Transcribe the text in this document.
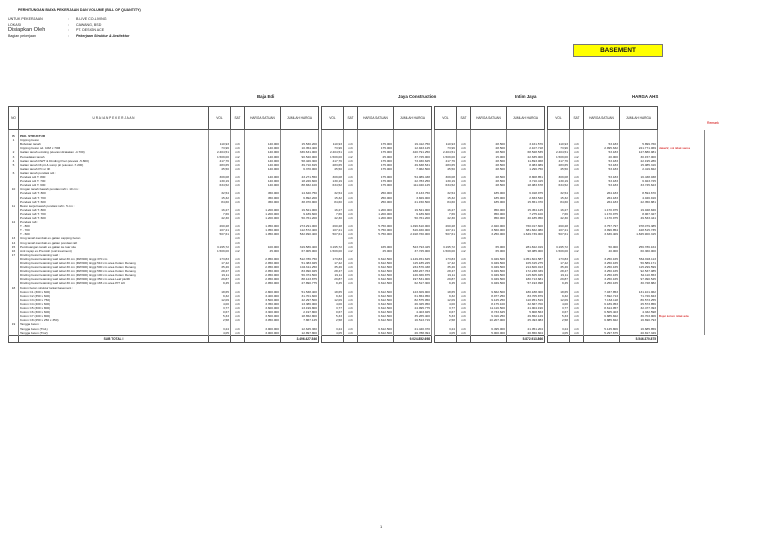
PERHITUNGAN BIAYA PEKERJAAN DAN VOLUME (BILL OF QUANTITY)
UNTUK PEKERJAAN	:	B.LIVE CO-LIVING
LOKASI	:	CAWANG, BSD
Disiapkan Oleh	:	PT. DESIGN ACE
Bagian pekerjaan	:	Pekerjaan Struktur & Arsitektur
BASEMENT
Baja Edi	Jaya Construction	Intim Jaya	HARGA AHS
Remark
NO	U R A I A N P E K E R J A A N	VOL	SAT	HARGA SATUAN	JUMLAH HARGA		VOL	SAT	HARGA SATUAN	JUMLAH HARGA		VOL	SAT	HARGA SATUAN	JUMLAH HARGA		VOL	SAT	HARGA SATUAN	JUMLAH HARGA	

B	PEK. STRUKTUR																				
1	Cipping beton																				
	Bobokan tanah	110,93	m3	140.000	15.530.200		110,93	m3	175.000	19.412.750		110,93	m3	28.500	3.161.576		110,93	m3	53.183	5.899.760	
	Cipping beton sd. 10M x 70M	73,96	m3	140.000	10.354.400		73,96	m3	175.000	12.943.125		73,96	m3	28.500	2.107.718		73,96	m3	2.995.632	221.771.069	data22, vol tidak sama
2	Galian tanah existing (elevasi diratakan -4.700)	2.404,51	m3	140.000	336.631.000		2.404,51	m3	175.000	420.791.250		2.404,51	m3	28.500	68.528.535		2.404,51	m3	53.183	127.880.981	
3	Pemadatan tanah	1.509,00	m2	140.000	90.540.000		1.509,00	m2	25.000	37.725.000		1.509,00	m2	15.000	22.635.000		1.509,00	m2	20.000	30.157.000	
4	Galian tanah DWT & Dinding Pool (elevasi -5.800)	417,76	m3	140.000	58.426.300		417,76	m3	175.000	73.030.625		417,76	m3	28.500	11.893.068		417,76	m3	53.183	22.195.286	
5	Galian tanah lift pit & sump pit (elevasi -7.200)	283,65	m3	140.000	39.710.815		283,65	m3	175.000	49.638.531		283,65	m3	28.500	8.083.989		283,65	m3	53.183	15.085.316	
	Galian tanah PC u/ lift	45,50	m3	140.000	6.370.000		45,50	m3	175.000	7.962.500		45,50	m3	28.500	1.296.750		45,50	m3	53.183	2.419.822	
6	Galian tanah pondasi sdt :																				
	Pondasi sdt T. 800	309,08	m3	140.000	43.271.550		309,08	m3	175.000	54.089.438		309,08	m3	28.500	8.808.851		309,08	m3	53.183	16.438.038	
	Pondasi sdt T. 700	130,19	m3	140.000	18.226.600		130,19	m3	175.000	22.783.250		130,19	m3	28.500	3.710.415		130,19	m3	53.183	6.923.725	
	Pondasi sdt T. 600	634,52	m3	140.000	88.832.100		634,52	m3	175.000	111.040.125		634,52	m3	28.500	18.083.678		634,52	m3	53.183	33.745.623	
10	Urugan tanah bawah pondasi raft t. 10 cm :																				
	Pondasi raft T. 800	32,54	m3	450.000	14.640.750		32,54	m3	250.000	8.133.750		32,54	m3	185.000	6.018.975		32,54	m3	264.183	8.594.670	
	Pondasi raft T. 700	15,32	m3	450.000	6.892.200		15,32	m3	250.000	3.829.000		15,32	m3	185.000	2.833.540		15,32	m3	264.183	4.046.916	
	Pondasi raft T. 600	84,60	m3	450.000	38.070.900		84,60	m3	250.000	21.150.500		84,60	m3	185.000	15.651.370		84,60	m3	264.183	22.350.881	
11	Beton kerja bawah pondasi raft t. 5 cm :																				
	Pondasi raft T. 800	16,27	m3	1.200.000	19.521.000		16,27	m3	1.200.000	19.521.000		16,27	m3	950.000	15.454.125		16,27	m3	1.170.975	19.048.846	
	Pondasi raft T. 700	7,66	m3	1.200.000	9.189.600		7,66	m3	1.200.000	9.189.600		7,66	m3	950.000	7.275.100		7,66	m3	1.170.975	8.967.327	
	Pondasi raft T. 600	42,30	m3	1.200.000	50.761.200		42,30	m3	1.200.000	50.761.200		42,30	m3	950.000	40.185.950		42,30	m3	1.170.975	49.533.441	
12	Pondasi raft :																				
	T - 800	260,28	m3	1.050.000	273.291.000		260,28	m3	5.750.000	1.496.610.000		260,28	m3	2.920.000	760.017.600		260,28	m3	3.757.797	978.079.385	
	T - 700	107,21	m3	1.050.000	112.572.400		107,21	m3	5.750.000	616.460.000		107,21	m3	3.560.000	381.662.080		107,21	m3	3.996.854	428.515.735	
	T - 600	507,61	m3	1.050.000	532.990.400		507,61	m3	5.750.000	2.918.760.000		507,61	m3	3.250.000	1.649.739.000		507,61	m3	3.636.409	1.845.900.315	
13	Urug tanah kembali ex.galian capping beton		m3					m3					m3								
14	Urug tanah kembali ex.galian pondasi raft		m3					m3					m3								
15	Pembuangan tanah ex.galian ke luar site	3.195,72	m3	100.000	319.586.400		3.195,72	m3	165.000	523.793.425		3.195,72	m3	65.000	281.822.019		3.195,72	m3	50.000	256.786.164	
16	Anti rayap ex.Premish (soil treatment)	1.509,00	m2	45.000	67.905.000		1.509,00	m2	25.000	37.725.000		1.509,00	m2	65.000	98.085.000		1.509,00	m2	40.000	60.360.000	
17	Dinding beton/retaining wall :																				
	Dinding beton/retaining wall tebal 30 cm (RW300) tinggi 370 cm	173,83	m3	2.950.000	512.786.750		173,83	m3	6.612.500	1.149.451.625		173,83	m3	6.049.500	1.051.604.587		173,83	m3	3.250.165	564.993.113	
	Dinding beton/retaining wall tebal 30 cm (RW300) tinggi 510 cm area Kolam Renang	17,42	m3	2.950.000	51.383.925		17,42	m3	6.612.500	115.185.225		17,42	m3	6.049.500	105.315.275		17,42	m3	3.250.165	56.589.171	
	Dinding beton/retaining wall tebal 30 cm (RW300) tinggi 500 cm area Kolam Renang	35,46	m3	2.950.000	104.611.250		35,46	m3	6.612.500	234.576.438		35,46	m3	6.049.500	214.606.013		35,46	m3	3.250.165	115.299.599	
	Dinding beton/retaining wall tebal 30 cm (RW300) tinggi 580 cm area Kolam Renang	28,47	m3	2.950.000	83.990.925		28,47	m3	6.612.500	188.267.763		28,47	m3	6.049.500	172.238.339		28,47	m3	3.250.165	92.537.085	
	Dinding beton/retaining wall tebal 30 cm (RW300) tinggi 100 cm area Kolam Renang	19,11	m3	2.950.000	56.374.500		19,11	m3	6.612.500	126.366.875		19,11	m3	6.049.500	115.605.945		19,11	m3	3.250.165	62.110.653	
	Dinding beton/retaining wall tebal 30 cm (RW300) tinggi 350 cm area Leaf jok/lift	29,87	m3	2.950.000	88.123.875		29,87	m3	6.612.500	197.531.906		29,87	m3	6.049.500	180.713.681		29,87	m3	3.250.165	97.090.545	
	Dinding beton/retaining wall tebal 30 cm (RW300) tinggi 165 cm area PIT Lift	9,45	m3	2.950.000	27.890.775		9,45	m3	6.612.500	62.517.300		9,45	m3	6.049.500	57.193.998		9,45	m3	3.250.165	30.728.882	
18	Kolom beton struktur lantai basement :																				
	Kolom C1 (300 x 600)	18,65	m3	2.800.000	51.538.400		18,65	m3	6.612.500	123.309.900		18,65	m3	9.662.500	180.188.300		18,65	m3	7.037.853	131.101.962	
	Kolom C2 (350 x 600)	9,32	m3	3.400.000	31.701.600		9,32	m3	6.612.500	61.654.950		9,32	m3	8.977.250	83.705.879		9,32	m3	7.692.713	71.726.843	
	Kolom C3 (300 x 750)	12,09	m3	3.500.000	42.297.500		12,09	m3	6.612.500	82.575.050		12,09	m3	9.125.250	110.951.519		12,09	m3	7.163.118	86.573.255	
	Kolom C4 (400 x 600)	4,00	m3	3.350.000	13.386.000		4,00	m3	6.612.500	26.325.050		4,00	m3	8.175.100	32.667.700		4,00	m3	6.189.053	25.573.856	
	Kolom C5 (300 x 800)	3,77	m3	3.600.000	13.199.800		3,77	m3	6.612.500	24.995.775		3,77	m3	11.116.500	41.904.196		3,77	m3	8.614.957	32.477.393	
	Kolom C6 (300 x 600)	0,67	m3	3.300.000	2.197.800		0,67	m3	6.612.500	4.403.925		0,67	m3	8.733.625	5.808.563		0,67	m3	6.505.403	4.332.598	
	Kolom C7 (400 x 800)	5,33	m3	3.500.000	18.652.800		5,33	m3	6.612.500	35.265.400		5,33	m3	9.316.250	49.652.129		5,33	m3	6.885.822	36.703.906	Bujet kolom tidak ada
	Kolom C8 (250 x 250 x 350)	2,58	m3	3.050.000	7.867.125		2,58	m3	6.612.500	16.513.719		2,58	m3	10.207.000	25.493.983		2,58	m3	6.885.822	16.690.793	
19	Tangga beton :																				
	Tangga beton (TG1)	3,24	m3	3.900.000	12.645.360		3,24	m3	6.612.500	21.440.370		3,24	m3	6.495.000	21.051.204		3,24	m3	5.145.806	16.685.859	
	Tangga beton (TG2)	4,05	m3	3.000.000	12.897.800		4,05	m3	6.612.500	26.788.394		4,05	m3	5.000.000	20.650.604		4,05	m3	5.297.675	20.817.349	
	SUB TOTAL I				3.496.427.546					9.024.852.698					5.872.913.866					5.546.370.875	
1
